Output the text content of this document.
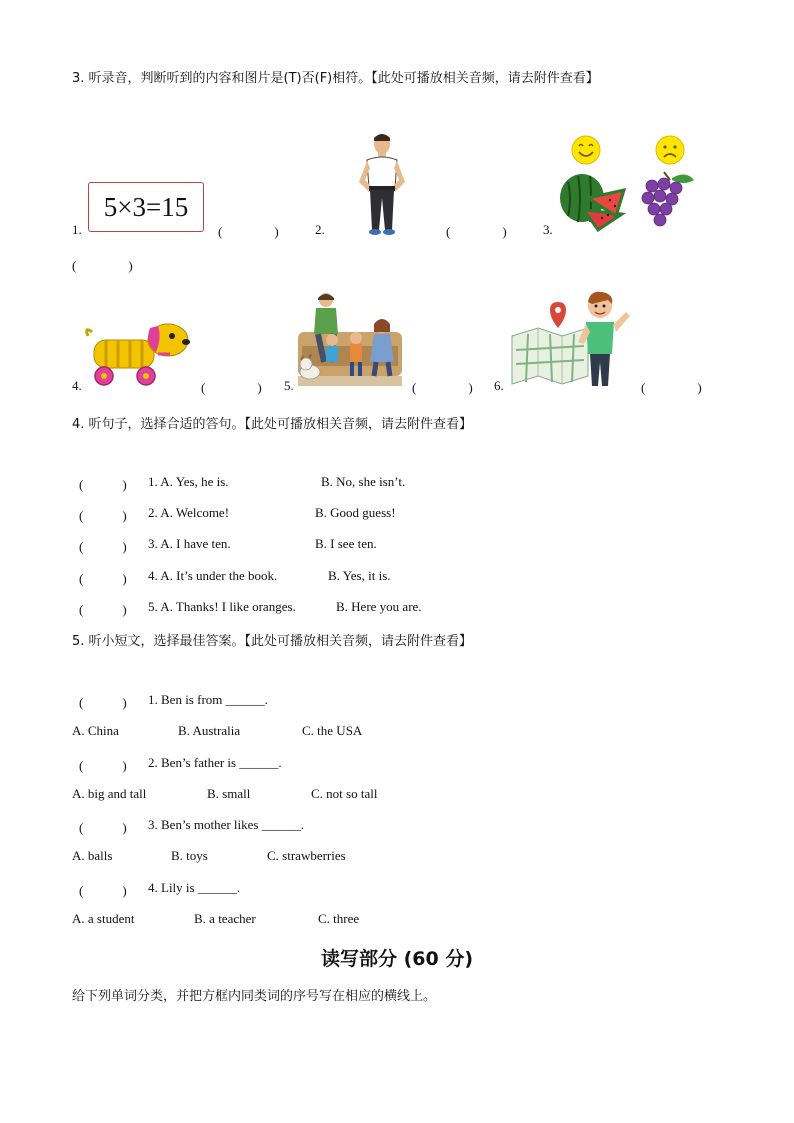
3. 听录音，判断听到的内容和图片是(T)否(F)相符。【此处可播放相关音频，请去附件查看】
1.
5×3=15
(　　　　)	2.	(　　　　)	3.
(　　　　)
4.	(　　　　) 5.	(　　　　) 6.	(　　　　)
4. 听句子，选择合适的答句。【此处可播放相关音频，请去附件查看】
(　　　) 1. A. Yes, he is.	B. No, she isn’t.
(　　　) 2. A. Welcome!	B. Good guess!
(　　　) 3. A. I have ten.	B. I see ten.
(　　　) 4. A. It’s under the book.	B. Yes, it is.
(　　　) 5. A. Thanks! I like oranges.	B. Here you are.
5. 听小短文，选择最佳答案。【此处可播放相关音频，请去附件查看】
(　　　) 1. Ben is from ______.
A. China	B. Australia	C. the USA
(　　　) 2. Ben’s father is ______.
A. big and tall	B. small	C. not so tall
(　　　) 3. Ben’s mother likes ______.
A. balls	B. toys	C. strawberries
(　　　) 4. Lily is ______.
A. a student	B. a teacher	C. three
读写部分 (60 分)
给下列单词分类，并把方框内同类词的序号写在相应的横线上。
